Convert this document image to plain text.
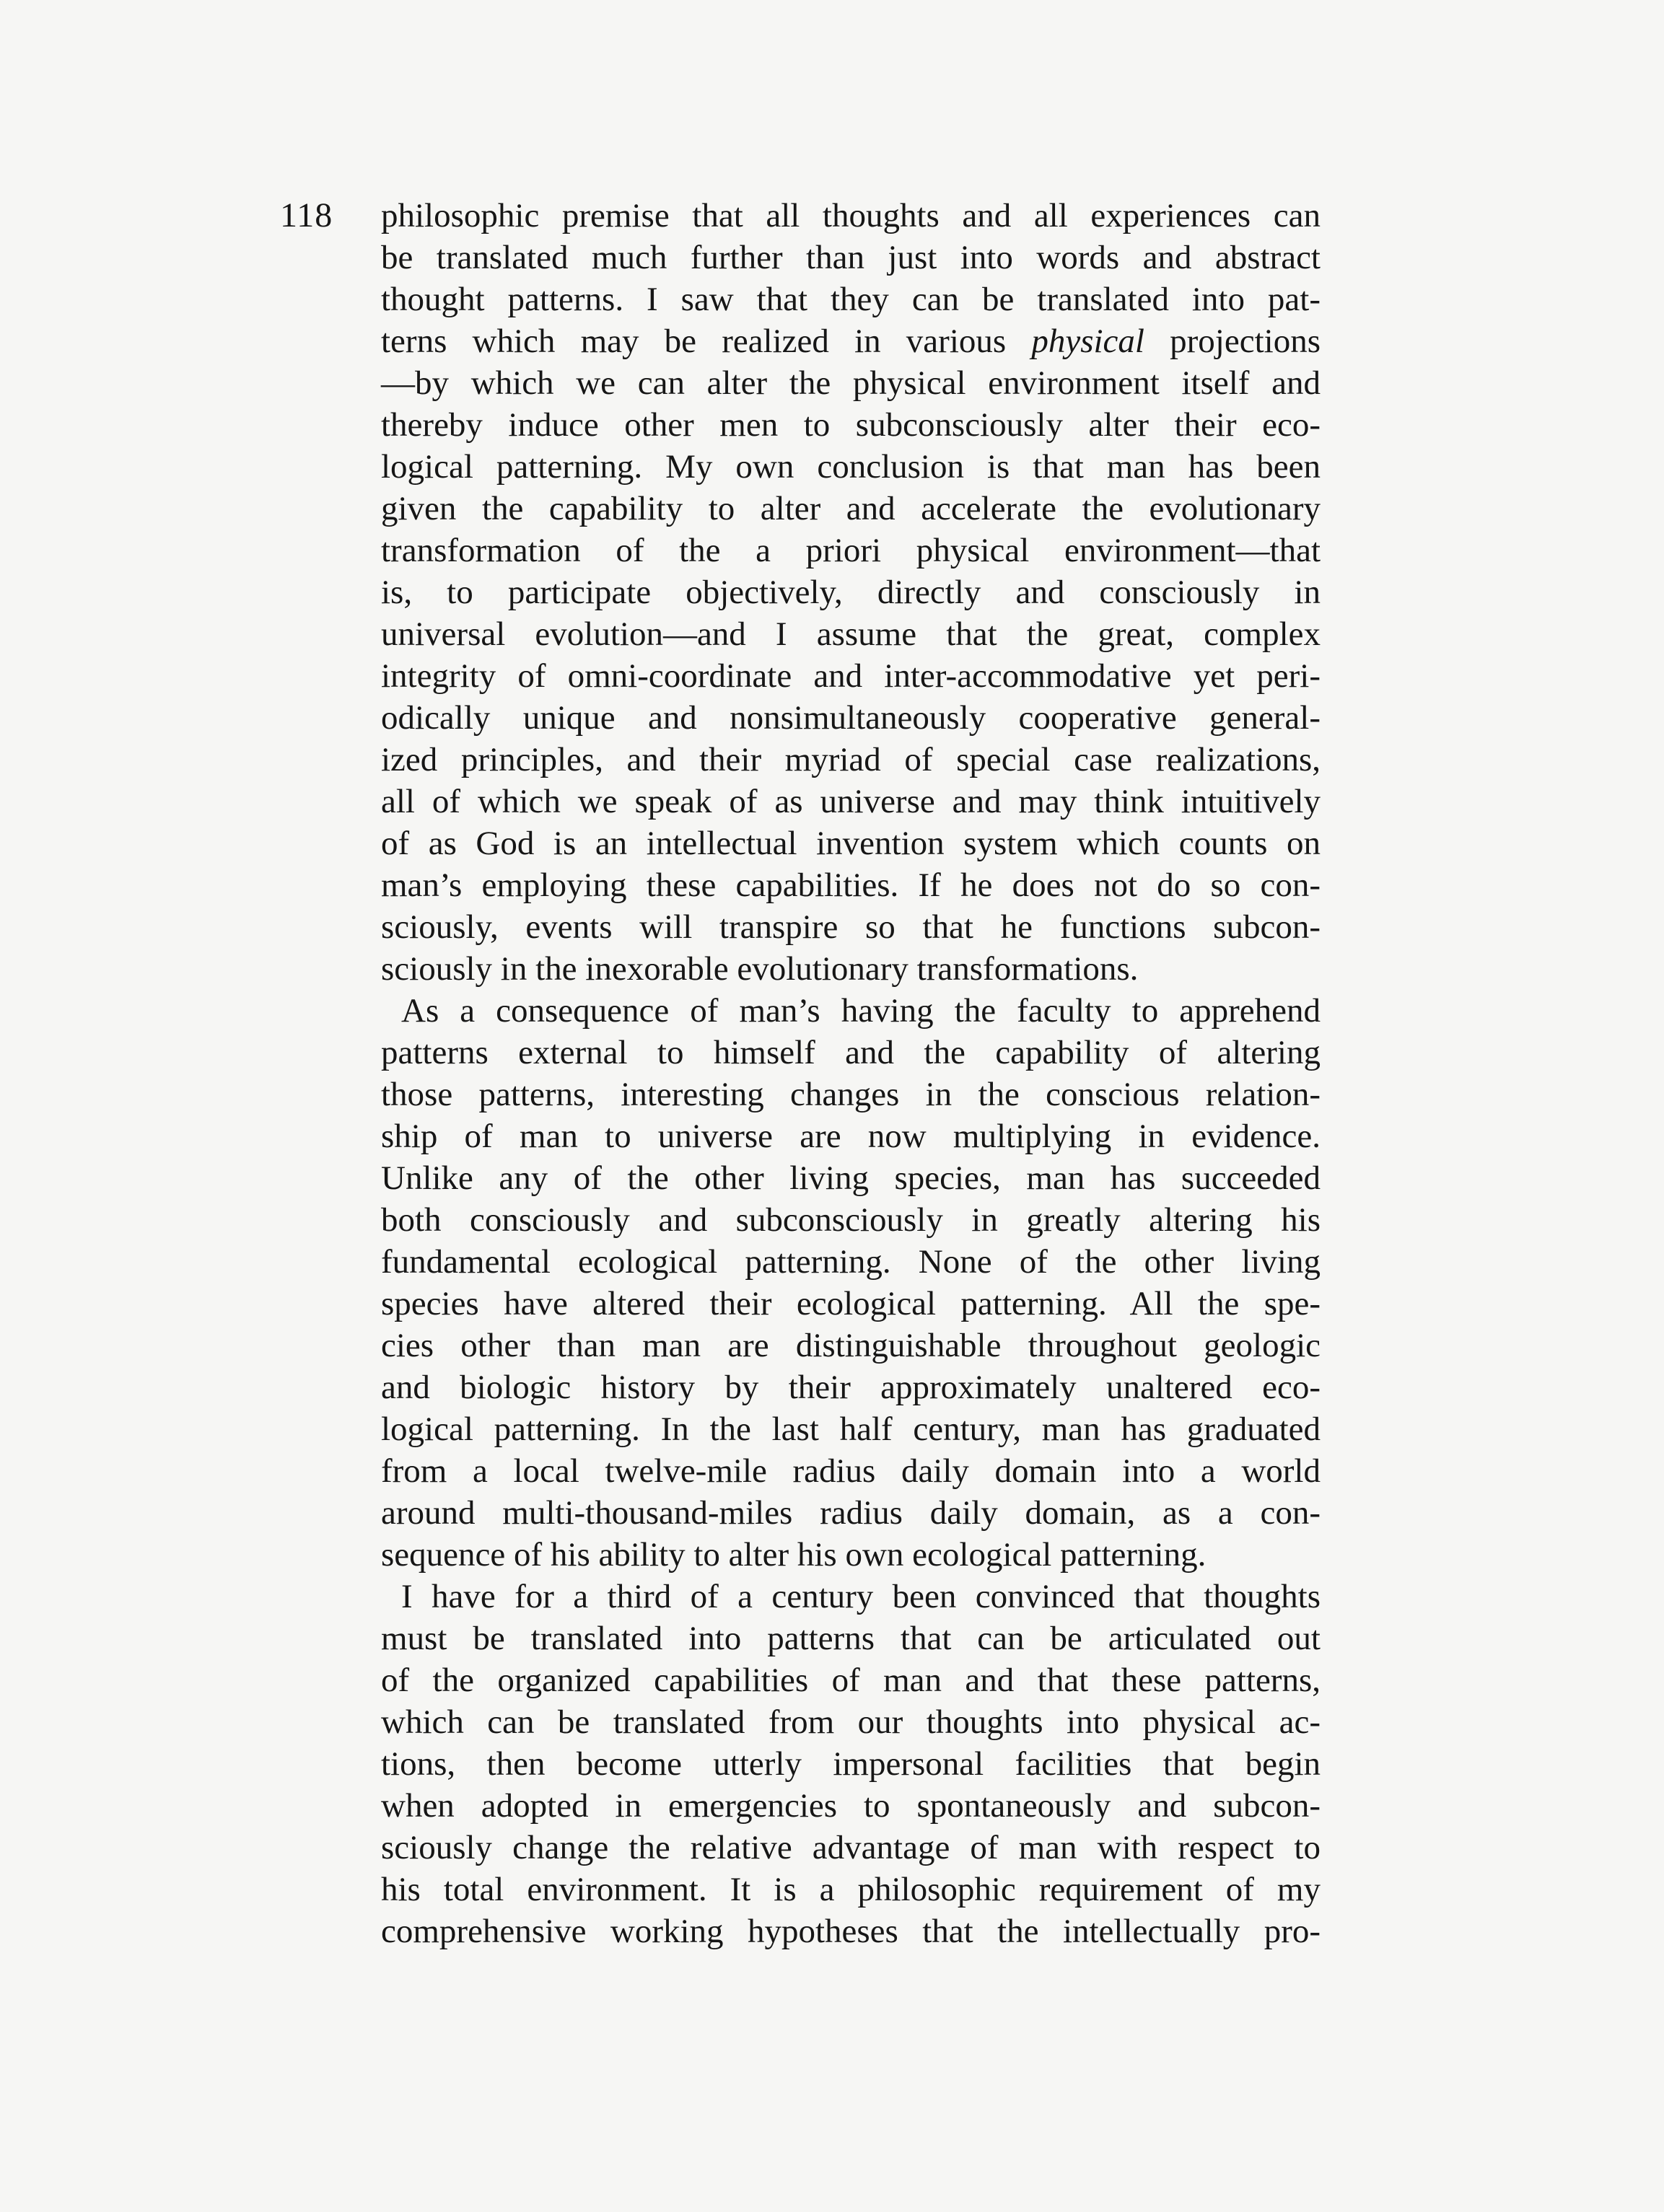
118 philosophic premise that all thoughts and all experiences can
be translated much further than just into words and abstract
thought patterns. I saw that they can be translated into pat-
terns which may be realized in various physical projections
—by which we can alter the physical environment itself and
thereby induce other men to subconsciously alter their eco-
logical patterning. My own conclusion is that man has been
given the capability to alter and accelerate the evolutionary
transformation of the a priori physical environment—that
is, to participate objectively, directly and consciously in
universal evolution—and I assume that the great, complex
integrity of omni-coordinate and inter-accommodative yet peri-
odically unique and nonsimultaneously cooperative general-
ized principles, and their myriad of special case realizations,
all of which we speak of as universe and may think intuitively
of as God is an intellectual invention system which counts on
man’s employing these capabilities. If he does not do so con-
sciously, events will transpire so that he functions subcon-
sciously in the inexorable evolutionary transformations.
As a consequence of man’s having the faculty to apprehend
patterns external to himself and the capability of altering
those patterns, interesting changes in the conscious relation-
ship of man to universe are now multiplying in evidence.
Unlike any of the other living species, man has succeeded
both consciously and subconsciously in greatly altering his
fundamental ecological patterning. None of the other living
species have altered their ecological patterning. All the spe-
cies other than man are distinguishable throughout geologic
and biologic history by their approximately unaltered eco-
logical patterning. In the last half century, man has graduated
from a local twelve-mile radius daily domain into a world
around multi-thousand-miles radius daily domain, as a con-
sequence of his ability to alter his own ecological patterning.
I have for a third of a century been convinced that thoughts
must be translated into patterns that can be articulated out
of the organized capabilities of man and that these patterns,
which can be translated from our thoughts into physical ac-
tions, then become utterly impersonal facilities that begin
when adopted in emergencies to spontaneously and subcon-
sciously change the relative advantage of man with respect to
his total environment. It is a philosophic requirement of my
comprehensive working hypotheses that the intellectually pro-
